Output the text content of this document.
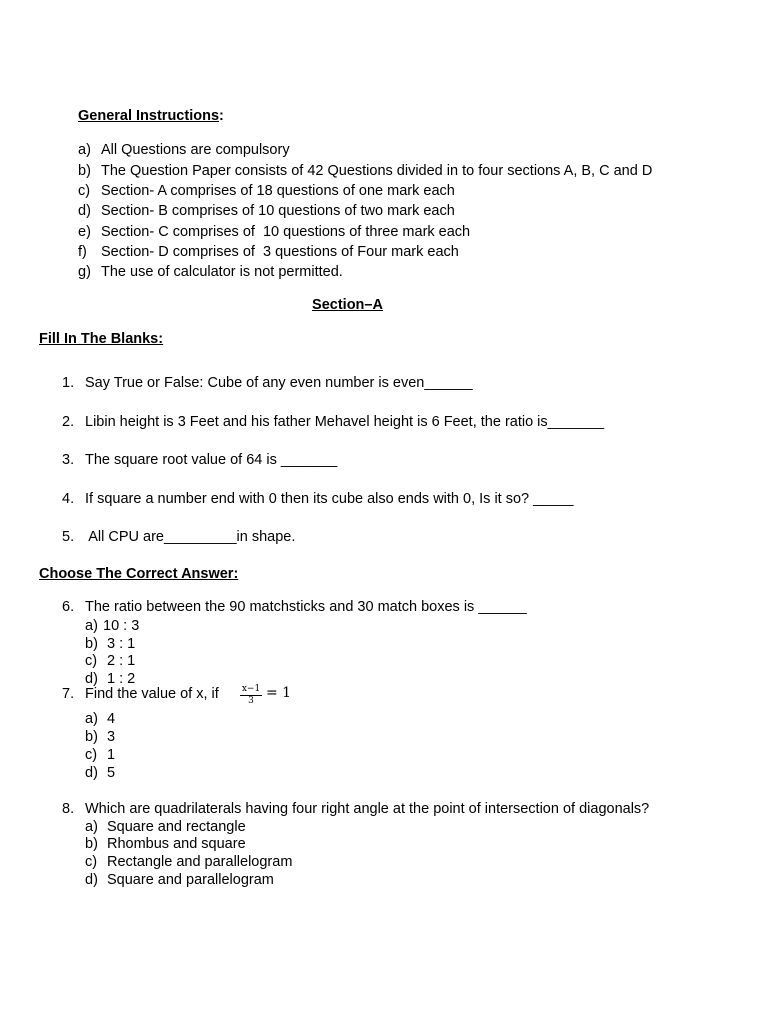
General Instructions:
a) All Questions are compulsory
b) The Question Paper consists of 42 Questions divided in to four sections A, B, C and D
c) Section- A comprises of 18 questions of one mark each
d) Section- B comprises of 10 questions of two mark each
e) Section- C comprises of  10 questions of three mark each
f) Section- D comprises of  3 questions of Four mark each
g) The use of calculator is not permitted.
Section–A
Fill In The Blanks:
1. Say True or False: Cube of any even number is even______
2. Libin height is 3 Feet and his father Mehavel height is 6 Feet, the ratio is_______
3. The square root value of 64 is _______
4. If square a number end with 0 then its cube also ends with 0, Is it so? _____
5. All CPU are_________in shape.
Choose The Correct Answer:
6. The ratio between the 90 matchsticks and 30 match boxes is ______
a) 10 : 3
b) 3 : 1
c) 2 : 1
d) 1 : 2
7. Find the value of x, if $\frac{x-1}{3} = 1$
a) 4
b) 3
c) 1
d) 5
8. Which are quadrilaterals having four right angle at the point of intersection of diagonals?
a) Square and rectangle
b) Rhombus and square
c) Rectangle and parallelogram
d) Square and parallelogram
